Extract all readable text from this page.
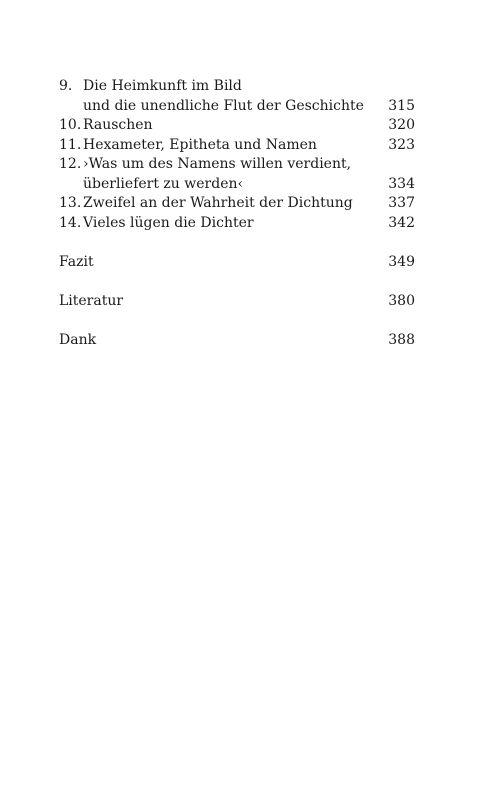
9. Die Heimkunft im Bild
und die unendliche Flut der Geschichte 315
10. Rauschen	320
11. Hexameter, Epitheta und Namen	323
12. ›Was um des Namens willen verdient,
überliefert zu werden‹	334
13. Zweifel an der Wahrheit der Dichtung	337
14. Vieles lügen die Dichter	342
Fazit	349
Literatur	380
Dank	388
